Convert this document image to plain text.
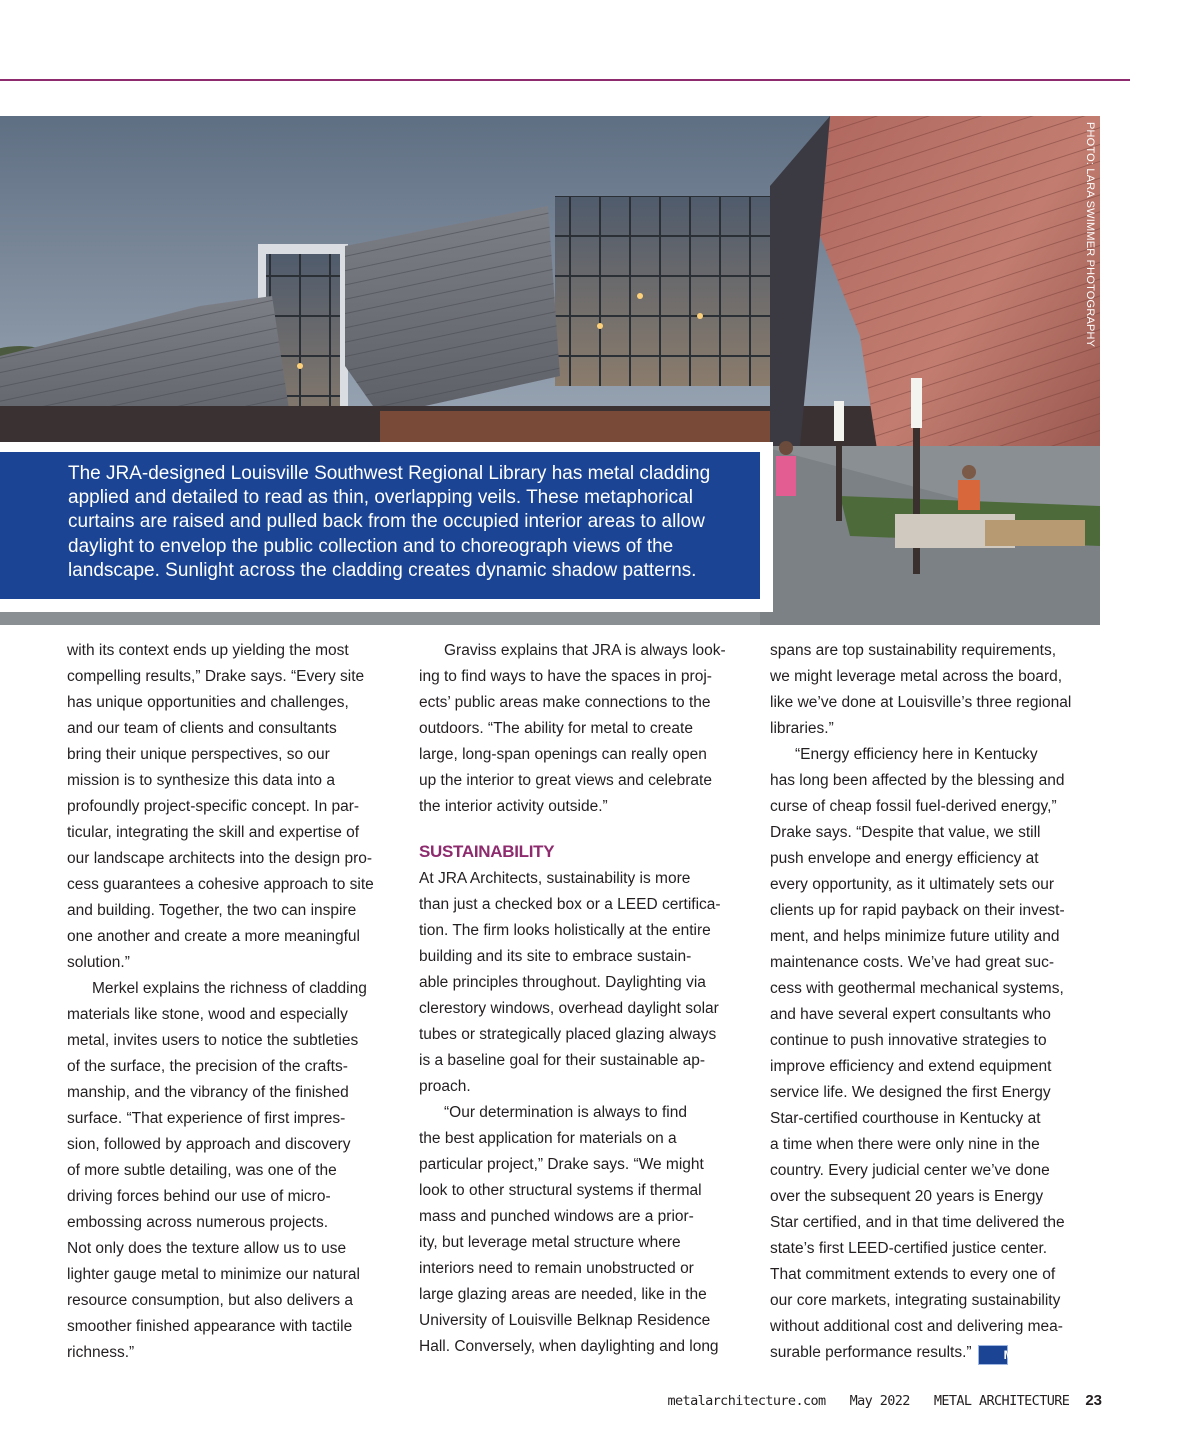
PHOTO: LARA SWIMMER PHOTOGRAPHY
The JRA-designed Louisville Southwest Regional Library has metal cladding applied and detailed to read as thin, overlapping veils. These metaphorical curtains are raised and pulled back from the occupied interior areas to allow daylight to envelop the public collection and to choreograph views of the landscape. Sunlight across the cladding creates dynamic shadow patterns.

with its context ends up yielding the most
compelling results,” Drake says. “Every site
has unique opportunities and challenges,
and our team of clients and consultants
bring their unique perspectives, so our
mission is to synthesize this data into a
profoundly project-specific concept. In par-
ticular, integrating the skill and expertise of
our landscape architects into the design pro-
cess guarantees a cohesive approach to site
and building. Together, the two can inspire
one another and create a more meaningful
solution.”

Merkel explains the richness of cladding
materials like stone, wood and especially
metal, invites users to notice the subtleties
of the surface, the precision of the crafts-
manship, and the vibrancy of the finished
surface. “That experience of first impres-
sion, followed by approach and discovery
of more subtle detailing, was one of the
driving forces behind our use of micro-
embossing across numerous projects.
Not only does the texture allow us to use
lighter gauge metal to minimize our natural
resource consumption, but also delivers a
smoother finished appearance with tactile
richness.”

Graviss explains that JRA is always look-
ing to find ways to have the spaces in proj-
ects’ public areas make connections to the
outdoors. “The ability for metal to create
large, long-span openings can really open
up the interior to great views and celebrate
the interior activity outside.”

SUSTAINABILITY

At JRA Architects, sustainability is more
than just a checked box or a LEED certifica-
tion. The firm looks holistically at the entire
building and its site to embrace sustain-
able principles throughout. Daylighting via
clerestory windows, overhead daylight solar
tubes or strategically placed glazing always
is a baseline goal for their sustainable ap-
proach.

“Our determination is always to find
the best application for materials on a
particular project,” Drake says. “We might
look to other structural systems if thermal
mass and punched windows are a prior-
ity, but leverage metal structure where
interiors need to remain unobstructed or
large glazing areas are needed, like in the
University of Louisville Belknap Residence
Hall. Conversely, when daylighting and long

spans are top sustainability requirements,
we might leverage metal across the board,
like we’ve done at Louisville’s three regional
libraries.”

“Energy efficiency here in Kentucky
has long been affected by the blessing and
curse of cheap fossil fuel-derived energy,”
Drake says. “Despite that value, we still
push envelope and energy efficiency at
every opportunity, as it ultimately sets our
clients up for rapid payback on their invest-
ment, and helps minimize future utility and
maintenance costs. We’ve had great suc-
cess with geothermal mechanical systems,
and have several expert consultants who
continue to push innovative strategies to
improve efficiency and extend equipment
service life. We designed the first Energy
Star-certified courthouse in Kentucky at
a time when there were only nine in the
country. Every judicial center we’ve done
over the subsequent 20 years is Energy
Star certified, and in that time delivered the
state’s first LEED-certified justice center.
That commitment extends to every one of
our core markets, integrating sustainability
without additional cost and delivering mea-
surable performance results.”	Ma

metalarchitecture.com May 2022 METAL ARCHITECTURE 23
